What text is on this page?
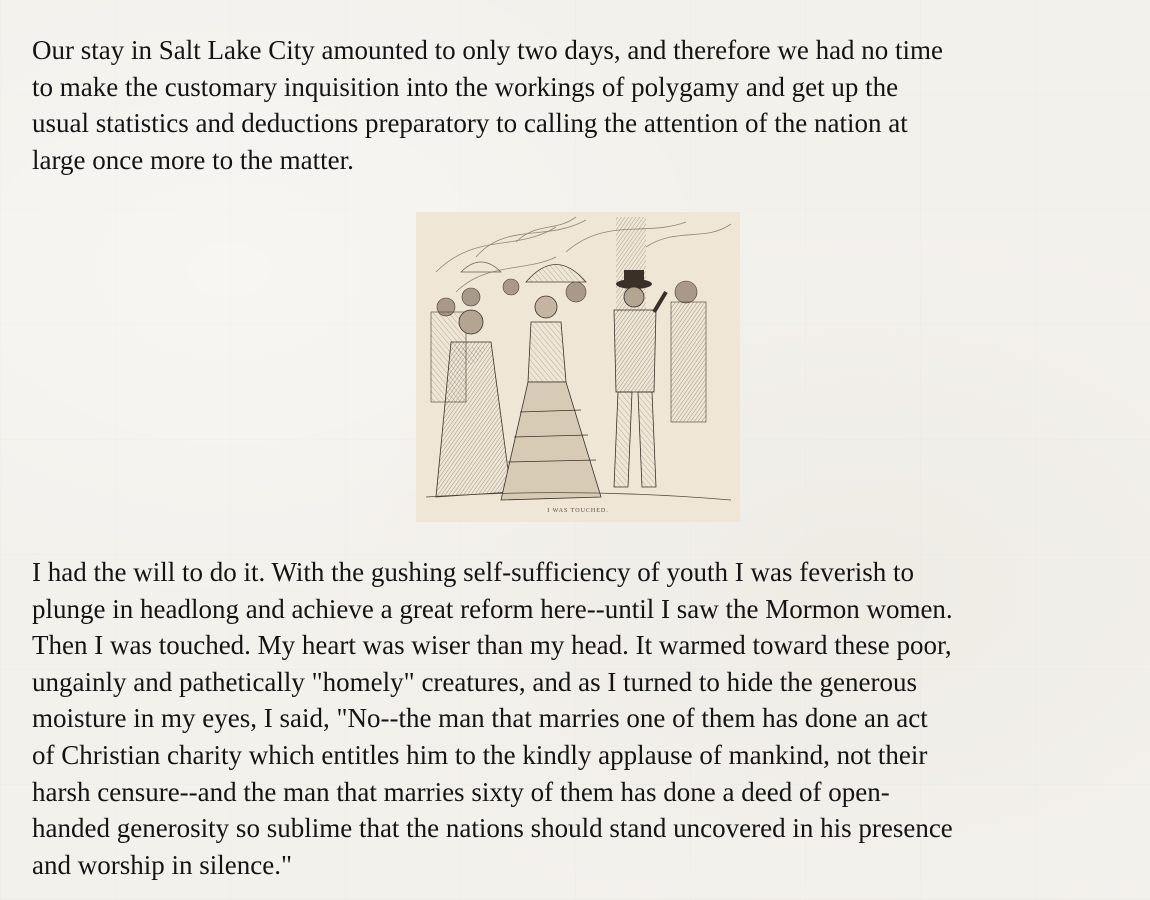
Our stay in Salt Lake City amounted to only two days, and therefore we had no time
to make the customary inquisition into the workings of polygamy and get up the
usual statistics and deductions preparatory to calling the attention of the nation at
large once more to the matter.

I WAS TOUCHED.

I had the will to do it. With the gushing self-sufficiency of youth I was feverish to
plunge in headlong and achieve a great reform here--until I saw the Mormon women.
Then I was touched. My heart was wiser than my head. It warmed toward these poor,
ungainly and pathetically "homely" creatures, and as I turned to hide the generous
moisture in my eyes, I said, "No--the man that marries one of them has done an act
of Christian charity which entitles him to the kindly applause of mankind, not their
harsh censure--and the man that marries sixty of them has done a deed of open-
handed generosity so sublime that the nations should stand uncovered in his presence
and worship in silence."
